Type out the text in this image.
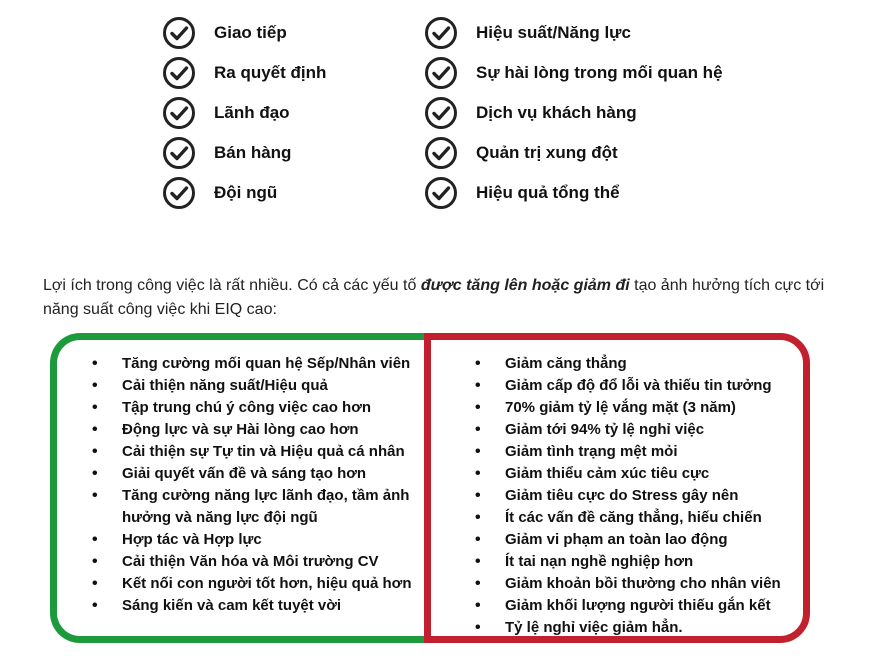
Giao tiếp
Ra quyết định
Lãnh đạo
Bán hàng
Đội ngũ
Hiệu suất/Năng lực
Sự hài lòng trong mối quan hệ
Dịch vụ khách hàng
Quản trị xung đột
Hiệu quả tổng thể

Lợi ích trong công việc là rất nhiều. Có cả các yếu tố được tăng lên hoặc giảm đi tạo ảnh hưởng tích cực tới năng suất công việc khi EIQ cao:

• Tăng cường mối quan hệ Sếp/Nhân viên
• Cải thiện năng suất/Hiệu quả
• Tập trung chú ý công việc cao hơn
• Động lực và sự Hài lòng cao hơn
• Cải thiện sự Tự tin và Hiệu quả cá nhân
• Giải quyết vấn đề và sáng tạo hơn
• Tăng cường năng lực lãnh đạo, tầm ảnh hưởng và năng lực đội ngũ
• Hợp tác và Hợp lực
• Cải thiện Văn hóa và Môi trường CV
• Kết nối con người tốt hơn, hiệu quả hơn
• Sáng kiến và cam kết tuyệt vời
• Giảm căng thẳng
• Giảm cấp độ đổ lỗi và thiếu tin tưởng
• 70% giảm tỷ lệ vắng mặt (3 năm)
• Giảm tới 94% tỷ lệ nghỉ việc
• Giảm tình trạng mệt mỏi
• Giảm thiểu cảm xúc tiêu cực
• Giảm tiêu cực do Stress gây nên
• Ít các vấn đề căng thẳng, hiếu chiến
• Giảm vi phạm an toàn lao động
• Ít tai nạn nghề nghiệp hơn
• Giảm khoản bồi thường cho nhân viên
• Giảm khối lượng người thiếu gắn kết
• Tỷ lệ nghỉ việc giảm hẳn.
